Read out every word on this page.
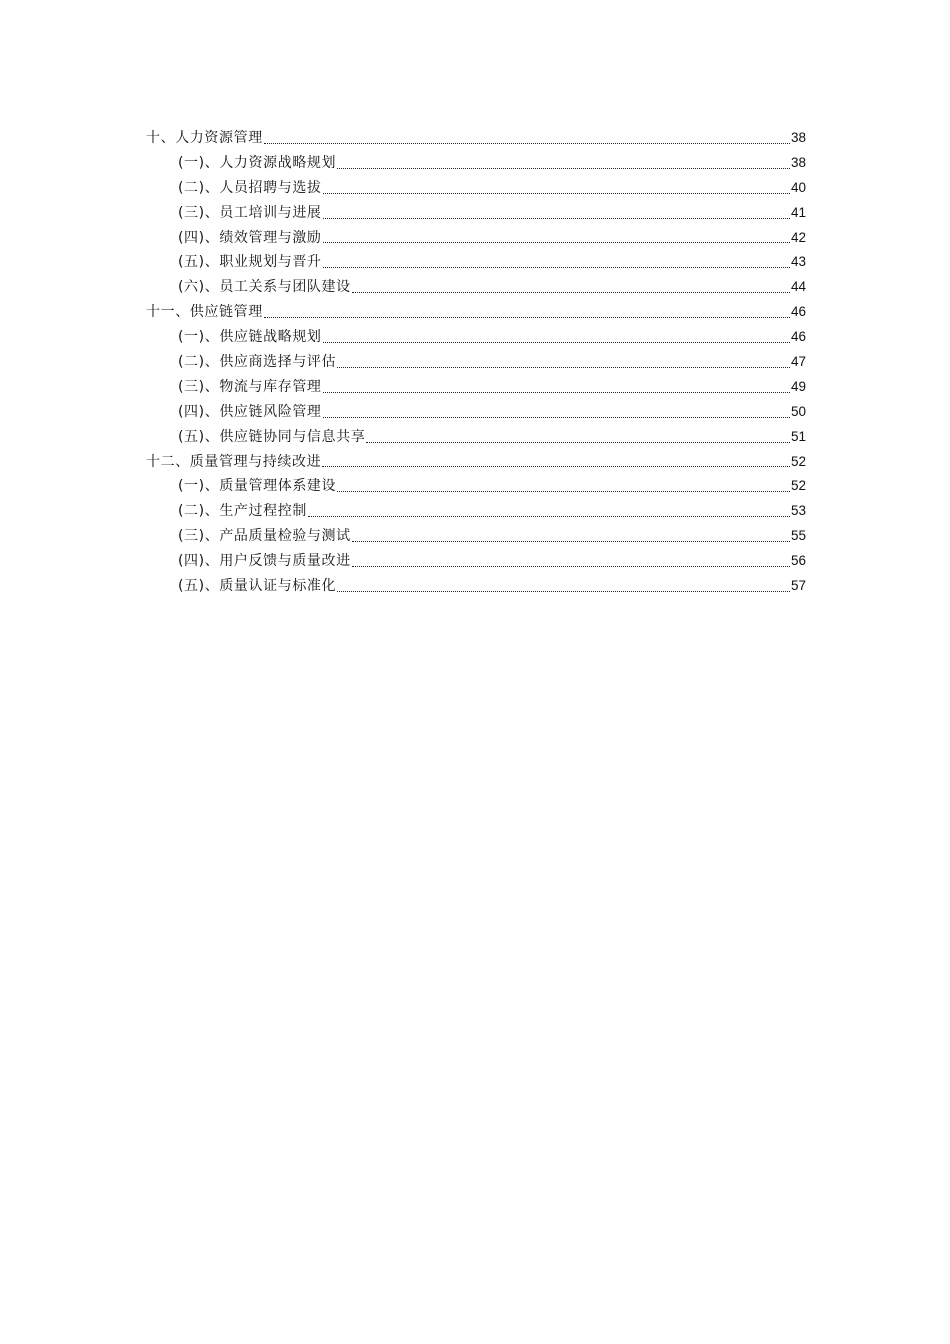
十、人力资源管理	38
(一)、人力资源战略规划	38
(二)、人员招聘与选拔	40
(三)、员工培训与进展	41
(四)、绩效管理与激励	42
(五)、职业规划与晋升	43
(六)、员工关系与团队建设	44
十一、供应链管理	46
(一)、供应链战略规划	46
(二)、供应商选择与评估	47
(三)、物流与库存管理	49
(四)、供应链风险管理	50
(五)、供应链协同与信息共享	51
十二、质量管理与持续改进	52
(一)、质量管理体系建设	52
(二)、生产过程控制	53
(三)、产品质量检验与测试	55
(四)、用户反馈与质量改进	56
(五)、质量认证与标准化	57
